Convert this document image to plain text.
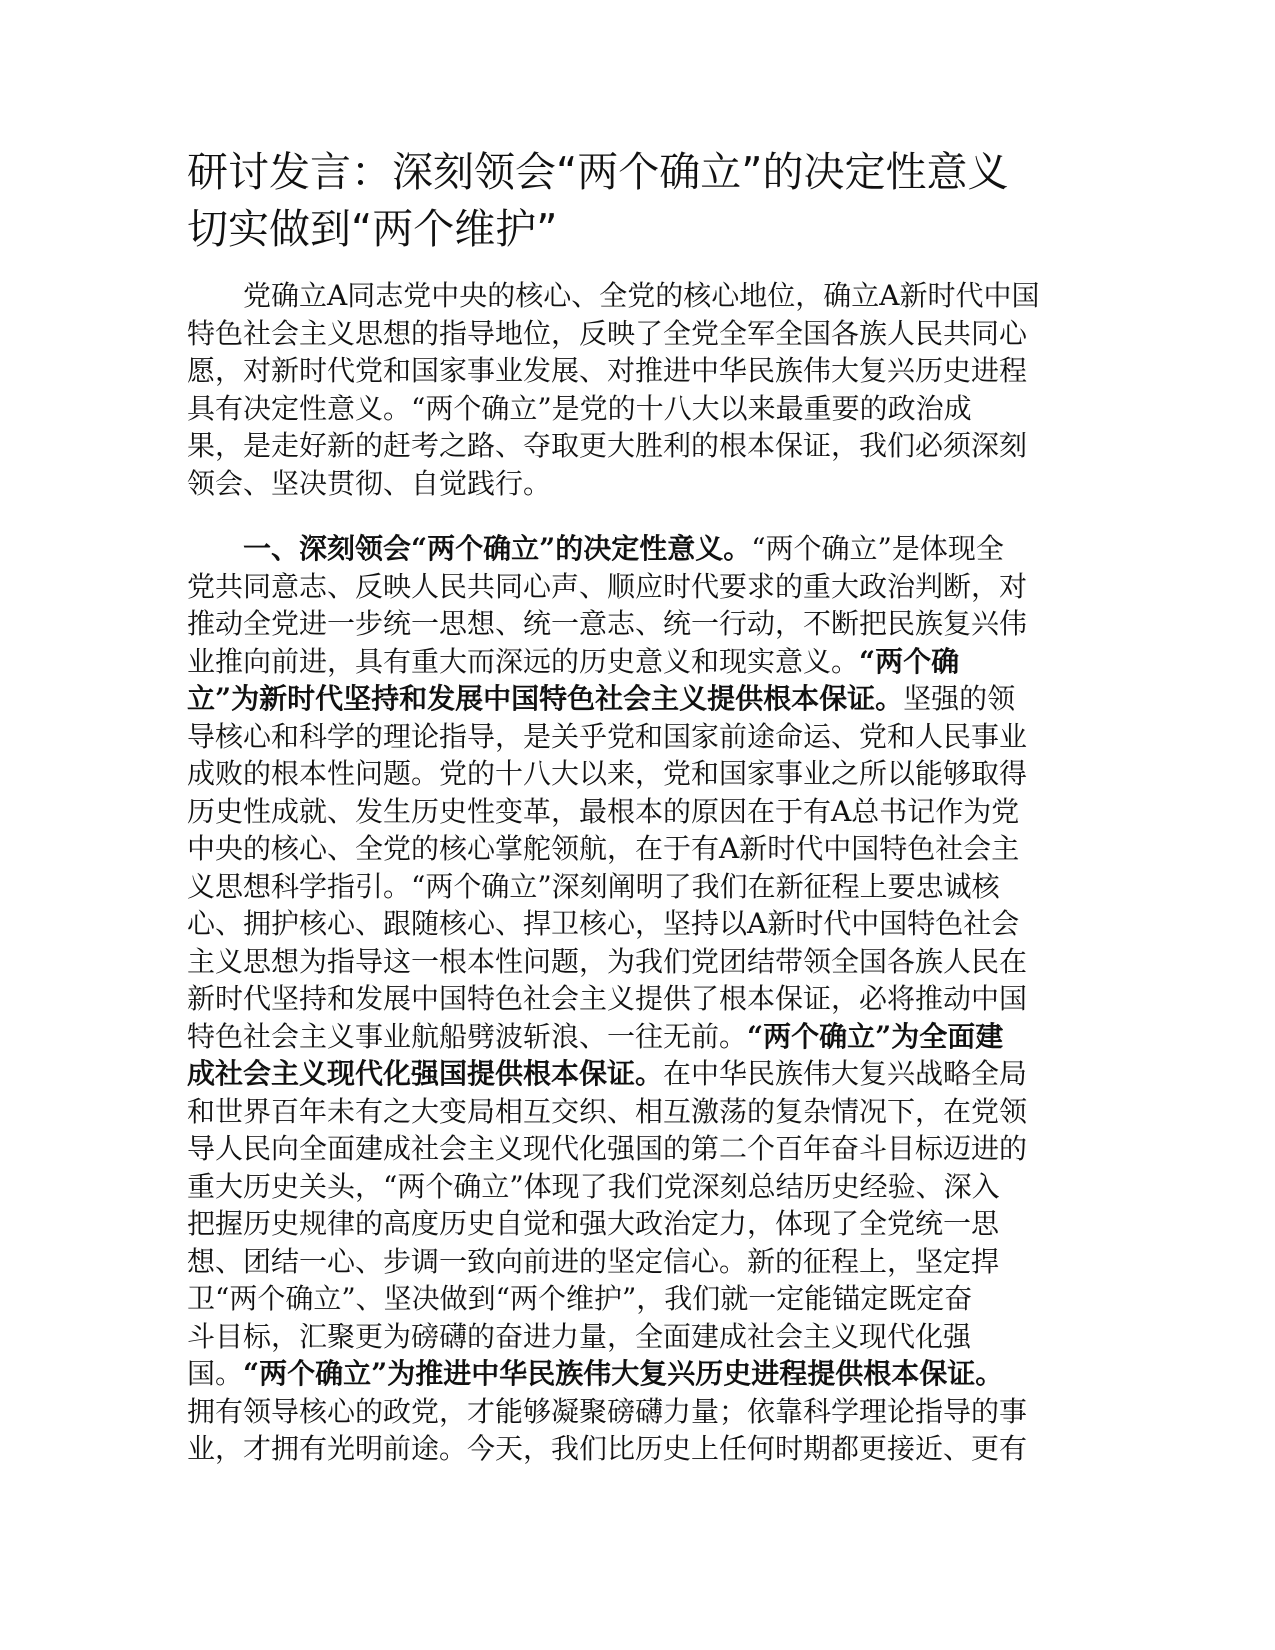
研讨发言：深刻领会“两个确立”的决定性意义
切实做到“两个维护”
　　党确立A同志党中央的核心、全党的核心地位，确立A新时代中国
特色社会主义思想的指导地位，反映了全党全军全国各族人民共同心
愿，对新时代党和国家事业发展、对推进中华民族伟大复兴历史进程
具有决定性意义。“两个确立”是党的十八大以来最重要的政治成
果，是走好新的赶考之路、夺取更大胜利的根本保证，我们必须深刻
领会、坚决贯彻、自觉践行。
　　一、深刻领会“两个确立”的决定性意义。“两个确立”是体现全
党共同意志、反映人民共同心声、顺应时代要求的重大政治判断，对
推动全党进一步统一思想、统一意志、统一行动，不断把民族复兴伟
业推向前进，具有重大而深远的历史意义和现实意义。“两个确
立”为新时代坚持和发展中国特色社会主义提供根本保证。坚强的领
导核心和科学的理论指导，是关乎党和国家前途命运、党和人民事业
成败的根本性问题。党的十八大以来，党和国家事业之所以能够取得
历史性成就、发生历史性变革，最根本的原因在于有A总书记作为党
中央的核心、全党的核心掌舵领航，在于有A新时代中国特色社会主
义思想科学指引。“两个确立”深刻阐明了我们在新征程上要忠诚核
心、拥护核心、跟随核心、捍卫核心，坚持以A新时代中国特色社会
主义思想为指导这一根本性问题，为我们党团结带领全国各族人民在
新时代坚持和发展中国特色社会主义提供了根本保证，必将推动中国
特色社会主义事业航船劈波斩浪、一往无前。“两个确立”为全面建
成社会主义现代化强国提供根本保证。在中华民族伟大复兴战略全局
和世界百年未有之大变局相互交织、相互激荡的复杂情况下，在党领
导人民向全面建成社会主义现代化强国的第二个百年奋斗目标迈进的
重大历史关头，“两个确立”体现了我们党深刻总结历史经验、深入
把握历史规律的高度历史自觉和强大政治定力，体现了全党统一思
想、团结一心、步调一致向前进的坚定信心。新的征程上，坚定捍
卫“两个确立”、坚决做到“两个维护”，我们就一定能锚定既定奋
斗目标，汇聚更为磅礴的奋进力量，全面建成社会主义现代化强
国。“两个确立”为推进中华民族伟大复兴历史进程提供根本保证。
拥有领导核心的政党，才能够凝聚磅礴力量；依靠科学理论指导的事
业，才拥有光明前途。今天，我们比历史上任何时期都更接近、更有
